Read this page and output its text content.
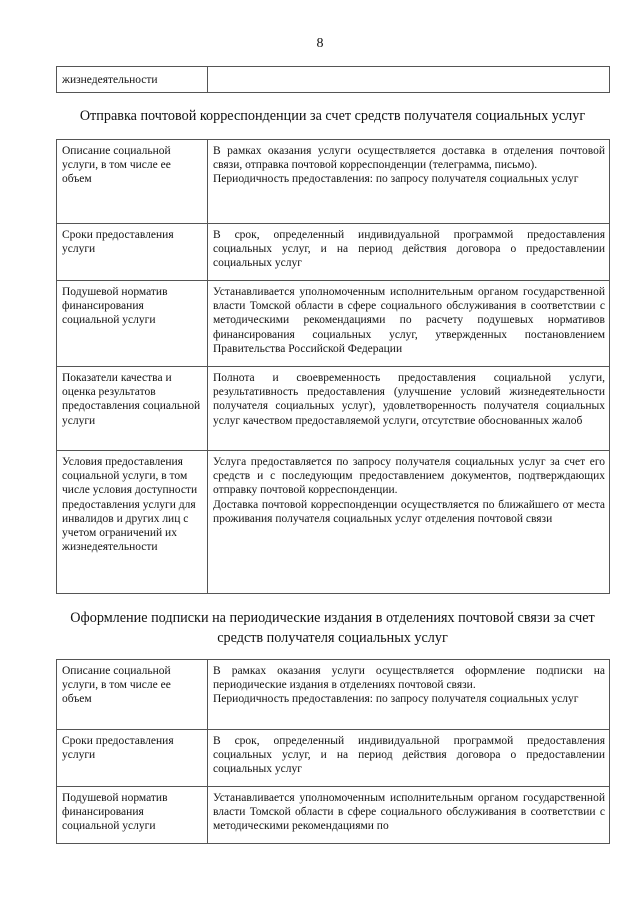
8
жизнедеятельности	
Отправка почтовой корреспонденции за счет средств получателя социальных услуг
Описание социальной услуги, в том числе ее объем	В рамках оказания услуги осуществляется доставка в отделения почтовой связи, отправка почтовой корреспонденции (телеграмма, письмо).
Периодичность предоставления: по запросу получателя социальных услуг

Сроки предоставления услуги	В срок, определенный индивидуальной программой предоставления социальных услуг, и на период действия договора о предоставлении социальных услуг

Подушевой норматив финансирования социальной услуги	Устанавливается уполномоченным исполнительным органом государственной власти Томской области в сфере социального обслуживания в соответствии с методическими рекомендациями по расчету подушевых нормативов финансирования социальных услуг, утвержденных постановлением Правительства Российской Федерации

Показатели качества и оценка результатов предоставления социальной услуги	Полнота и своевременность предоставления социальной услуги, результативность предоставления (улучшение условий жизнедеятельности получателя социальных услуг), удовлетворенность получателя социальных услуг качеством предоставляемой услуги, отсутствие обоснованных жалоб

Условия предоставления социальной услуги, в том числе условия доступности предоставления услуги для инвалидов и других лиц с учетом ограничений их жизнедеятельности	Услуга предоставляется по запросу получателя социальных услуг за счет его средств и с последующим предоставлением документов, подтверждающих отправку почтовой корреспонденции.
Доставка почтовой корреспонденции осуществляется по ближайшего от места проживания получателя социальных услуг отделения почтовой связи
Оформление подписки на периодические издания в отделениях почтовой связи за счет средств получателя социальных услуг
Описание социальной услуги, в том числе ее объем	В рамках оказания услуги осуществляется оформление подписки на периодические издания в отделениях почтовой связи.
Периодичность предоставления: по запросу получателя социальных услуг

Сроки предоставления услуги	В срок, определенный индивидуальной программой предоставления социальных услуг, и на период действия договора о предоставлении социальных услуг

Подушевой норматив финансирования социальной услуги	Устанавливается уполномоченным исполнительным органом государственной власти Томской области в сфере социального обслуживания в соответствии с методическими рекомендациями по
